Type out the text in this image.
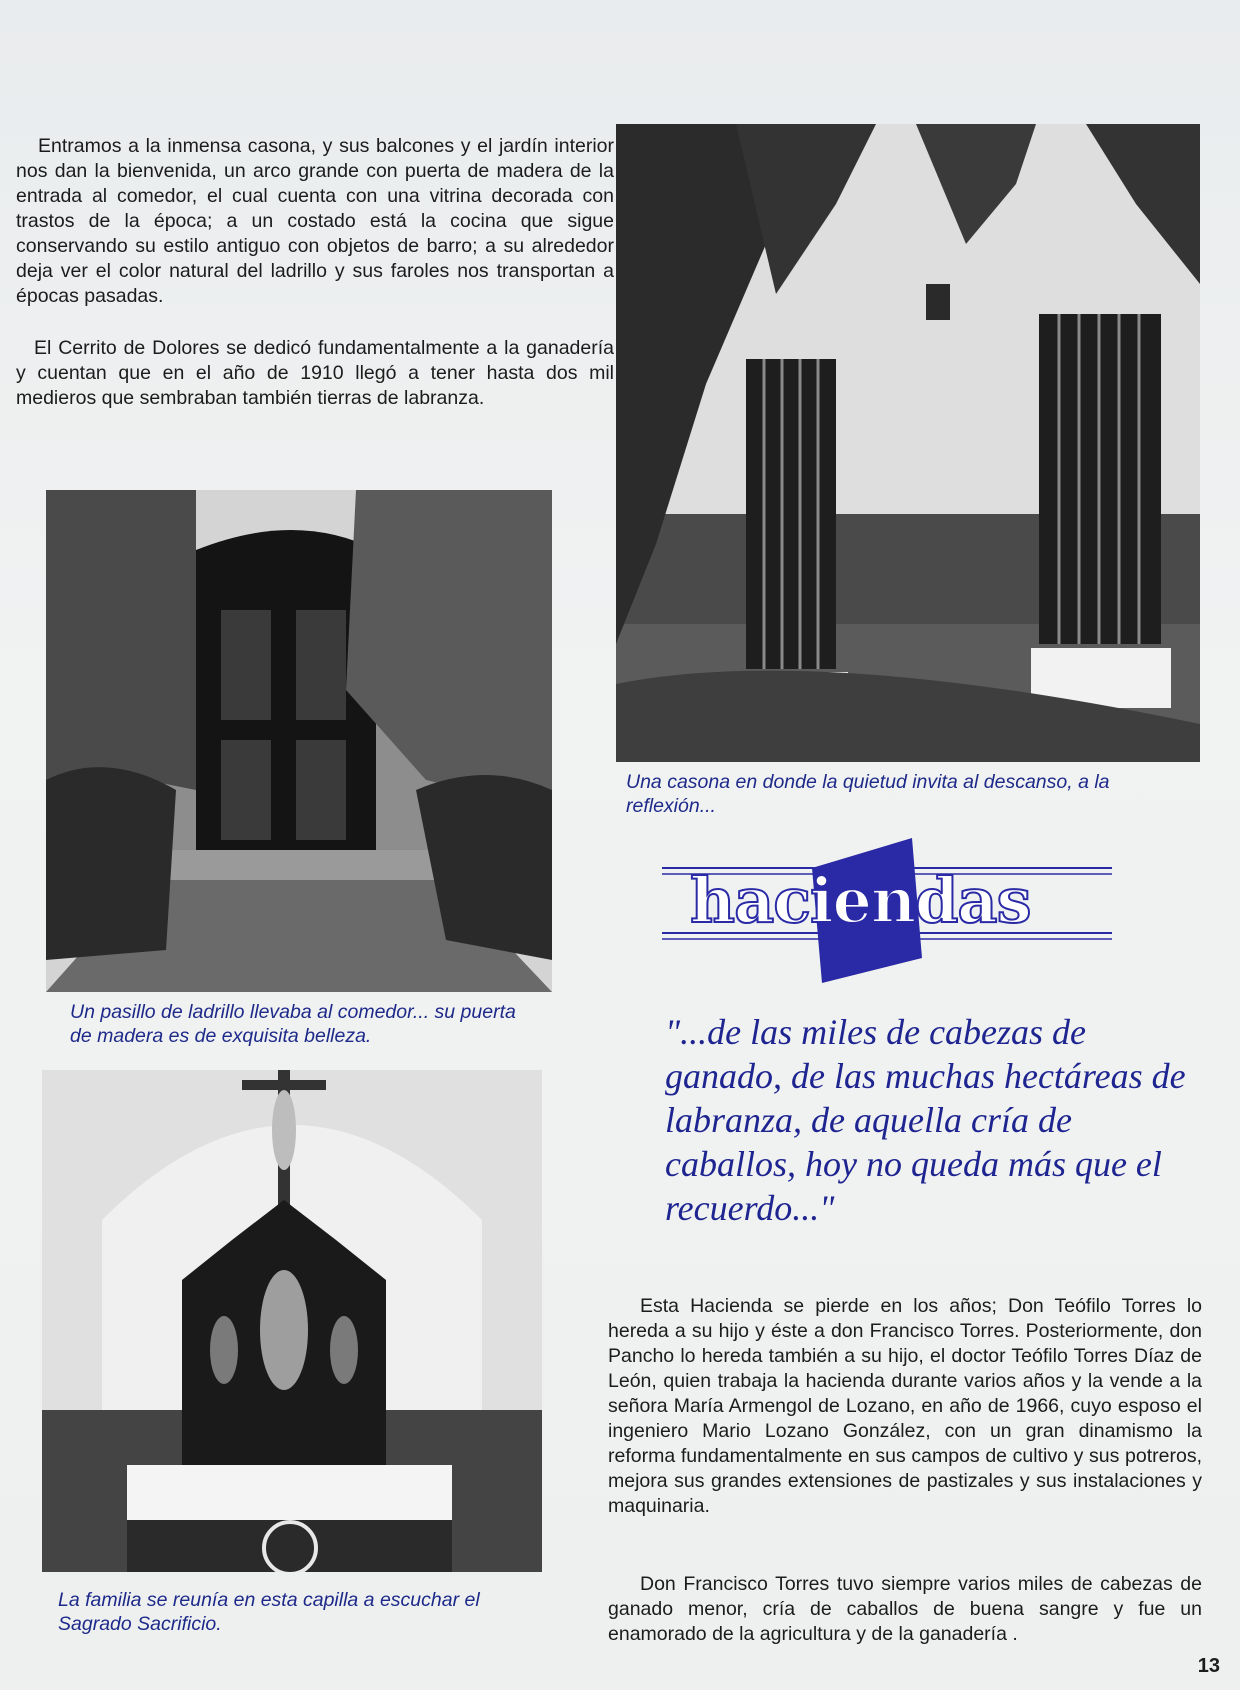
Entramos a la inmensa casona, y sus balcones y el jardín interior nos dan la bienvenida, un arco grande con puerta de madera de la entrada al comedor, el cual cuenta con una vitrina decorada con trastos de la época; a un costado está la cocina que sigue conservando su estilo antiguo con objetos de barro; a su alrededor deja ver el color natural del ladrillo y sus faroles nos transportan a épocas pasadas.

El Cerrito de Dolores se dedicó fundamentalmente a la ganadería y cuentan que en el año de 1910 llegó a tener hasta dos mil medieros que sembraban también tierras de labranza.

Una casona en donde la quietud invita al descanso, a la reflexión...

Un pasillo de ladrillo llevaba al comedor... su puerta de madera es de exquisita belleza.

La familia se reunía en esta capilla a escuchar el Sagrado Sacrificio.

haciendas

"...de las miles de cabezas de ganado, de las muchas hectáreas de labranza, de aquella cría de caballos, hoy no queda más que el recuerdo..."

Esta Hacienda se pierde en los años; Don Teófilo Torres lo hereda a su hijo y éste a don Francisco Torres. Posteriormente, don Pancho lo hereda también a su hijo, el doctor Teófilo Torres Díaz de León, quien trabaja la hacienda durante varios años y la vende a la señora María Armengol de Lozano, en año de 1966, cuyo esposo el ingeniero Mario Lozano González, con un gran dinamismo la reforma fundamentalmente en sus campos de cultivo y sus potreros, mejora sus grandes extensiones de pastizales y sus instalaciones y maquinaria.

Don Francisco Torres tuvo siempre varios miles de cabezas de ganado menor, cría de caballos de buena sangre y fue un enamorado de la agricultura y de la ganadería .

13
